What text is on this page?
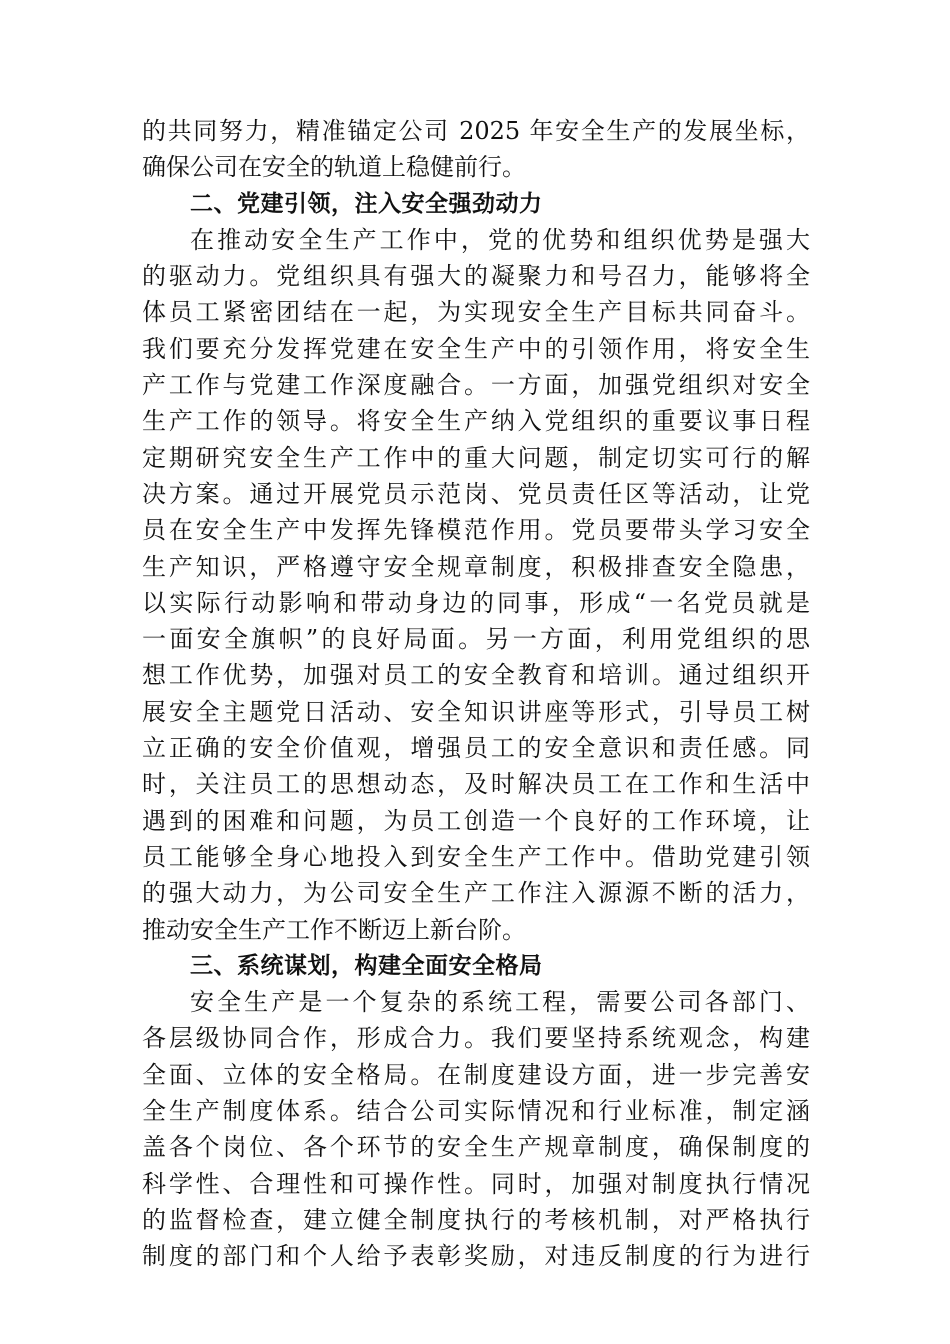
的共同努力，精准锚定公司 2025 年安全生产的发展坐标，
确保公司在安全的轨道上稳健前行。
二、党建引领，注入安全强劲动力
在推动安全生产工作中，党的优势和组织优势是强大
的驱动力。党组织具有强大的凝聚力和号召力，能够将全
体员工紧密团结在一起，为实现安全生产目标共同奋斗。
我们要充分发挥党建在安全生产中的引领作用，将安全生
产工作与党建工作深度融合。一方面，加强党组织对安全
生产工作的领导。将安全生产纳入党组织的重要议事日程
定期研究安全生产工作中的重大问题，制定切实可行的解
决方案。通过开展党员示范岗、党员责任区等活动，让党
员在安全生产中发挥先锋模范作用。党员要带头学习安全
生产知识，严格遵守安全规章制度，积极排查安全隐患，
以实际行动影响和带动身边的同事，形成“一名党员就是
一面安全旗帜”的良好局面。另一方面，利用党组织的思
想工作优势，加强对员工的安全教育和培训。通过组织开
展安全主题党日活动、安全知识讲座等形式，引导员工树
立正确的安全价值观，增强员工的安全意识和责任感。同
时，关注员工的思想动态，及时解决员工在工作和生活中
遇到的困难和问题，为员工创造一个良好的工作环境，让
员工能够全身心地投入到安全生产工作中。借助党建引领
的强大动力，为公司安全生产工作注入源源不断的活力，
推动安全生产工作不断迈上新台阶。
三、系统谋划，构建全面安全格局
安全生产是一个复杂的系统工程，需要公司各部门、
各层级协同合作，形成合力。我们要坚持系统观念，构建
全面、立体的安全格局。在制度建设方面，进一步完善安
全生产制度体系。结合公司实际情况和行业标准，制定涵
盖各个岗位、各个环节的安全生产规章制度，确保制度的
科学性、合理性和可操作性。同时，加强对制度执行情况
的监督检查，建立健全制度执行的考核机制，对严格执行
制度的部门和个人给予表彰奖励，对违反制度的行为进行
